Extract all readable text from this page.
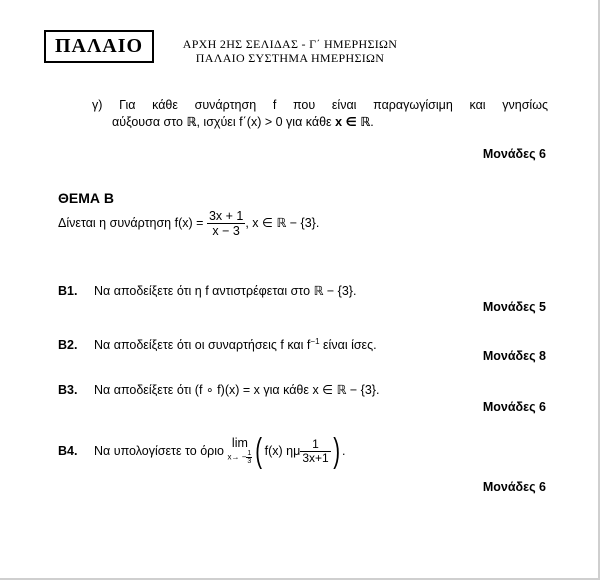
ΠΑΛΑΙΟ	ΑΡΧΗ 2ΗΣ ΣΕΛΙΔΑΣ - Γ΄ ΗΜΕΡΗΣΙΩΝ
ΠΑΛΑΙΟ ΣΥΣΤΗΜΑ ΗΜΕΡΗΣΙΩΝ
γ) Για κάθε συνάρτηση f που είναι παραγωγίσιμη και γνησίως
αύξουσα στο ℝ, ισχύει f΄(x) > 0 για κάθε x ∈ ℝ.
Μονάδες 6
ΘΕΜΑ Β
Δίνεται η συνάρτηση
f(x) =
$\frac{3x + 1}{x - 3}$ , x ∈ ℝ − {3}.
Β1. Να αποδείξετε ότι η f αντιστρέφεται στο ℝ − {3}.
Μονάδες 5
Β2. Να αποδείξετε ότι οι συναρτήσεις f και $f^{-1}$ είναι ίσες.
Μονάδες 8
Β3. Να αποδείξετε ότι (f ∘ f)(x) = x για κάθε x ∈ ℝ − {3}.
Μονάδες 6
Β4.	Να υπολογίσετε το όριο

lim
$x\to - \frac{1}{3}$ ( f(x) ημ $\frac{1}{3x+1}$ ) .
Μονάδες 6
